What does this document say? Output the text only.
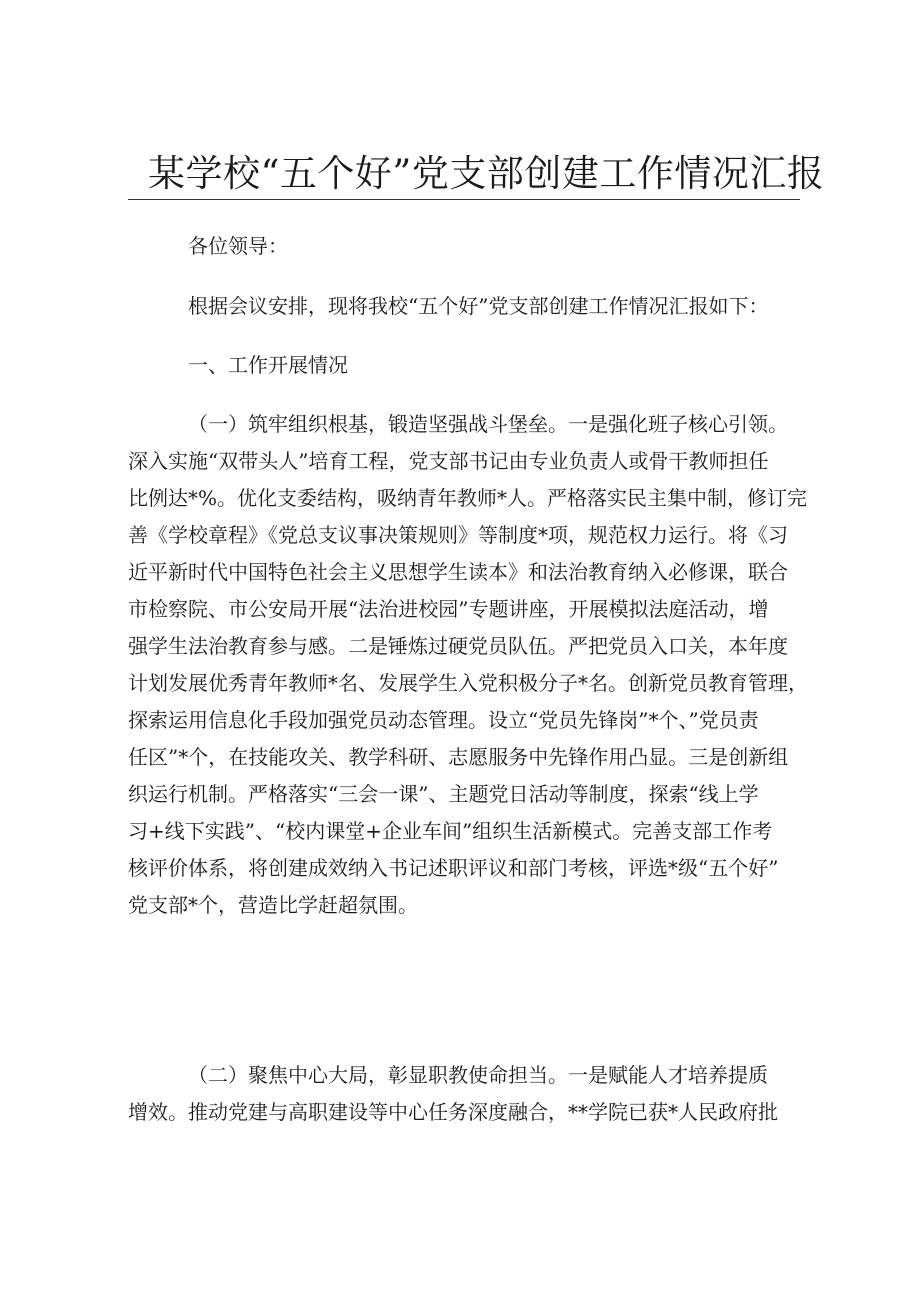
某学校“五个好”党支部创建工作情况汇报
各位领导：
根据会议安排，现将我校“五个好”党支部创建工作情况汇报如下：
一、工作开展情况
（一）筑牢组织根基，锻造坚强战斗堡垒。一是强化班子核心引领。
深入实施“双带头人”培育工程，党支部书记由专业负责人或骨干教师担任
比例达*%。优化支委结构，吸纳青年教师*人。严格落实民主集中制，修订完
善《学校章程》《党总支议事决策规则》等制度*项，规范权力运行。将《习
近平新时代中国特色社会主义思想学生读本》和法治教育纳入必修课，联合
市检察院、市公安局开展“法治进校园”专题讲座，开展模拟法庭活动，增
强学生法治教育参与感。二是锤炼过硬党员队伍。严把党员入口关，本年度
计划发展优秀青年教师*名、发展学生入党积极分子*名。创新党员教育管理，
探索运用信息化手段加强党员动态管理。设立“党员先锋岗”*个、”党员责
任区”*个，在技能攻关、教学科研、志愿服务中先锋作用凸显。三是创新组
织运行机制。严格落实“三会一课”、主题党日活动等制度，探索“线上学
习+线下实践”、“校内课堂+企业车间”组织生活新模式。完善支部工作考
核评价体系，将创建成效纳入书记述职评议和部门考核，评选*级“五个好”
党支部*个，营造比学赶超氛围。
（二）聚焦中心大局，彰显职教使命担当。一是赋能人才培养提质
增效。推动党建与高职建设等中心任务深度融合，**学院已获*人民政府批
